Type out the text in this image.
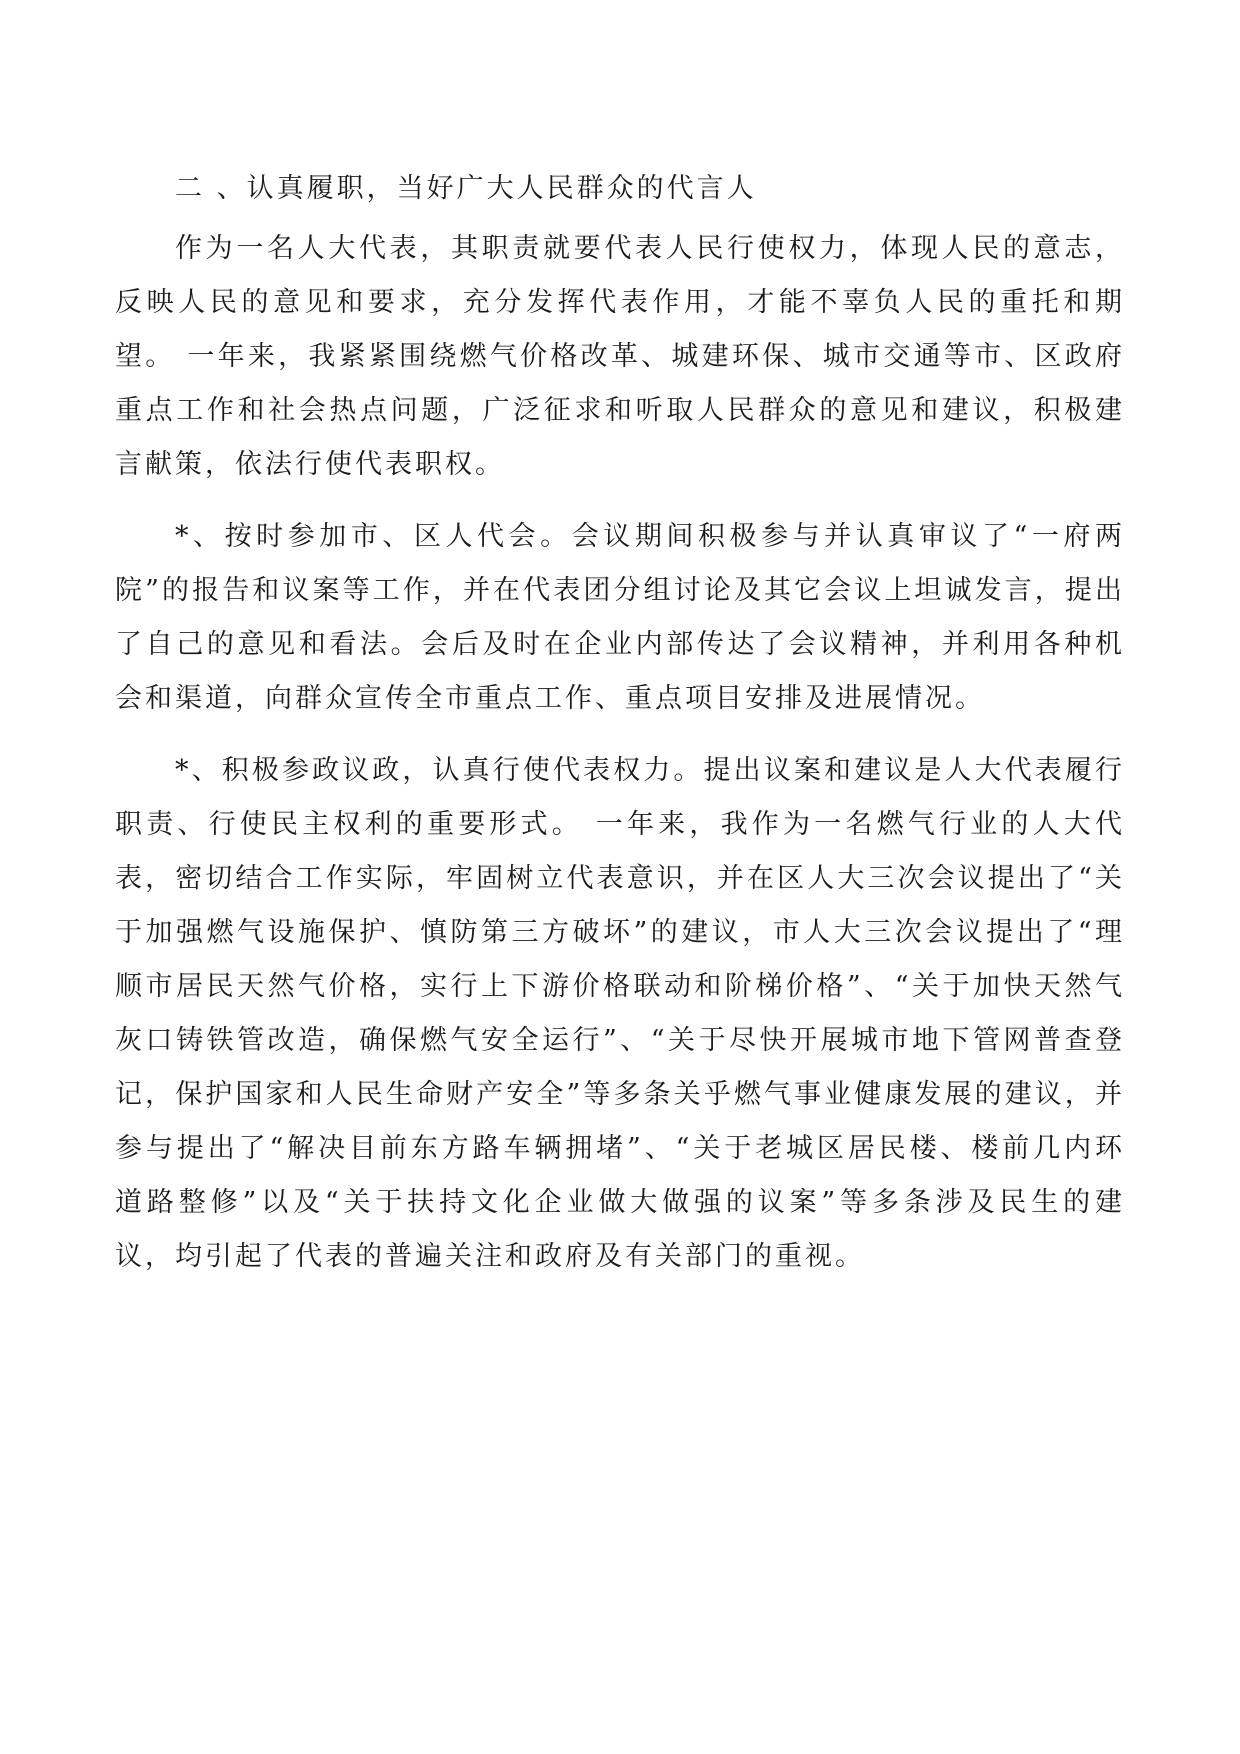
二 、认真履职，当好广大人民群众的代言人

作为一名人大代表，其职责就要代表人民行使权力，体现人民的意志，反映人民的意见和要求，充分发挥代表作用，才能不辜负人民的重托和期望。 一年来，我紧紧围绕燃气价格改革、城建环保、城市交通等市、区政府重点工作和社会热点问题，广泛征求和听取人民群众的意见和建议，积极建言献策，依法行使代表职权。

*、按时参加市、区人代会。会议期间积极参与并认真审议了“一府两院”的报告和议案等工作，并在代表团分组讨论及其它会议上坦诚发言，提出了自己的意见和看法。会后及时在企业内部传达了会议精神，并利用各种机会和渠道，向群众宣传全市重点工作、重点项目安排及进展情况。

*、积极参政议政，认真行使代表权力。提出议案和建议是人大代表履行职责、行使民主权利的重要形式。 一年来，我作为一名燃气行业的人大代表，密切结合工作实际，牢固树立代表意识，并在区人大三次会议提出了“关于加强燃气设施保护、慎防第三方破坏”的建议，市人大三次会议提出了“理顺市居民天然气价格，实行上下游价格联动和阶梯价格”、“关于加快天然气灰口铸铁管改造，确保燃气安全运行”、“关于尽快开展城市地下管网普查登记，保护国家和人民生命财产安全”等多条关乎燃气事业健康发展的建议，并参与提出了“解决目前东方路车辆拥堵”、“关于老城区居民楼、楼前几内环道路整修”以及“关于扶持文化企业做大做强的议案”等多条涉及民生的建议，均引起了代表的普遍关注和政府及有关部门的重视。
